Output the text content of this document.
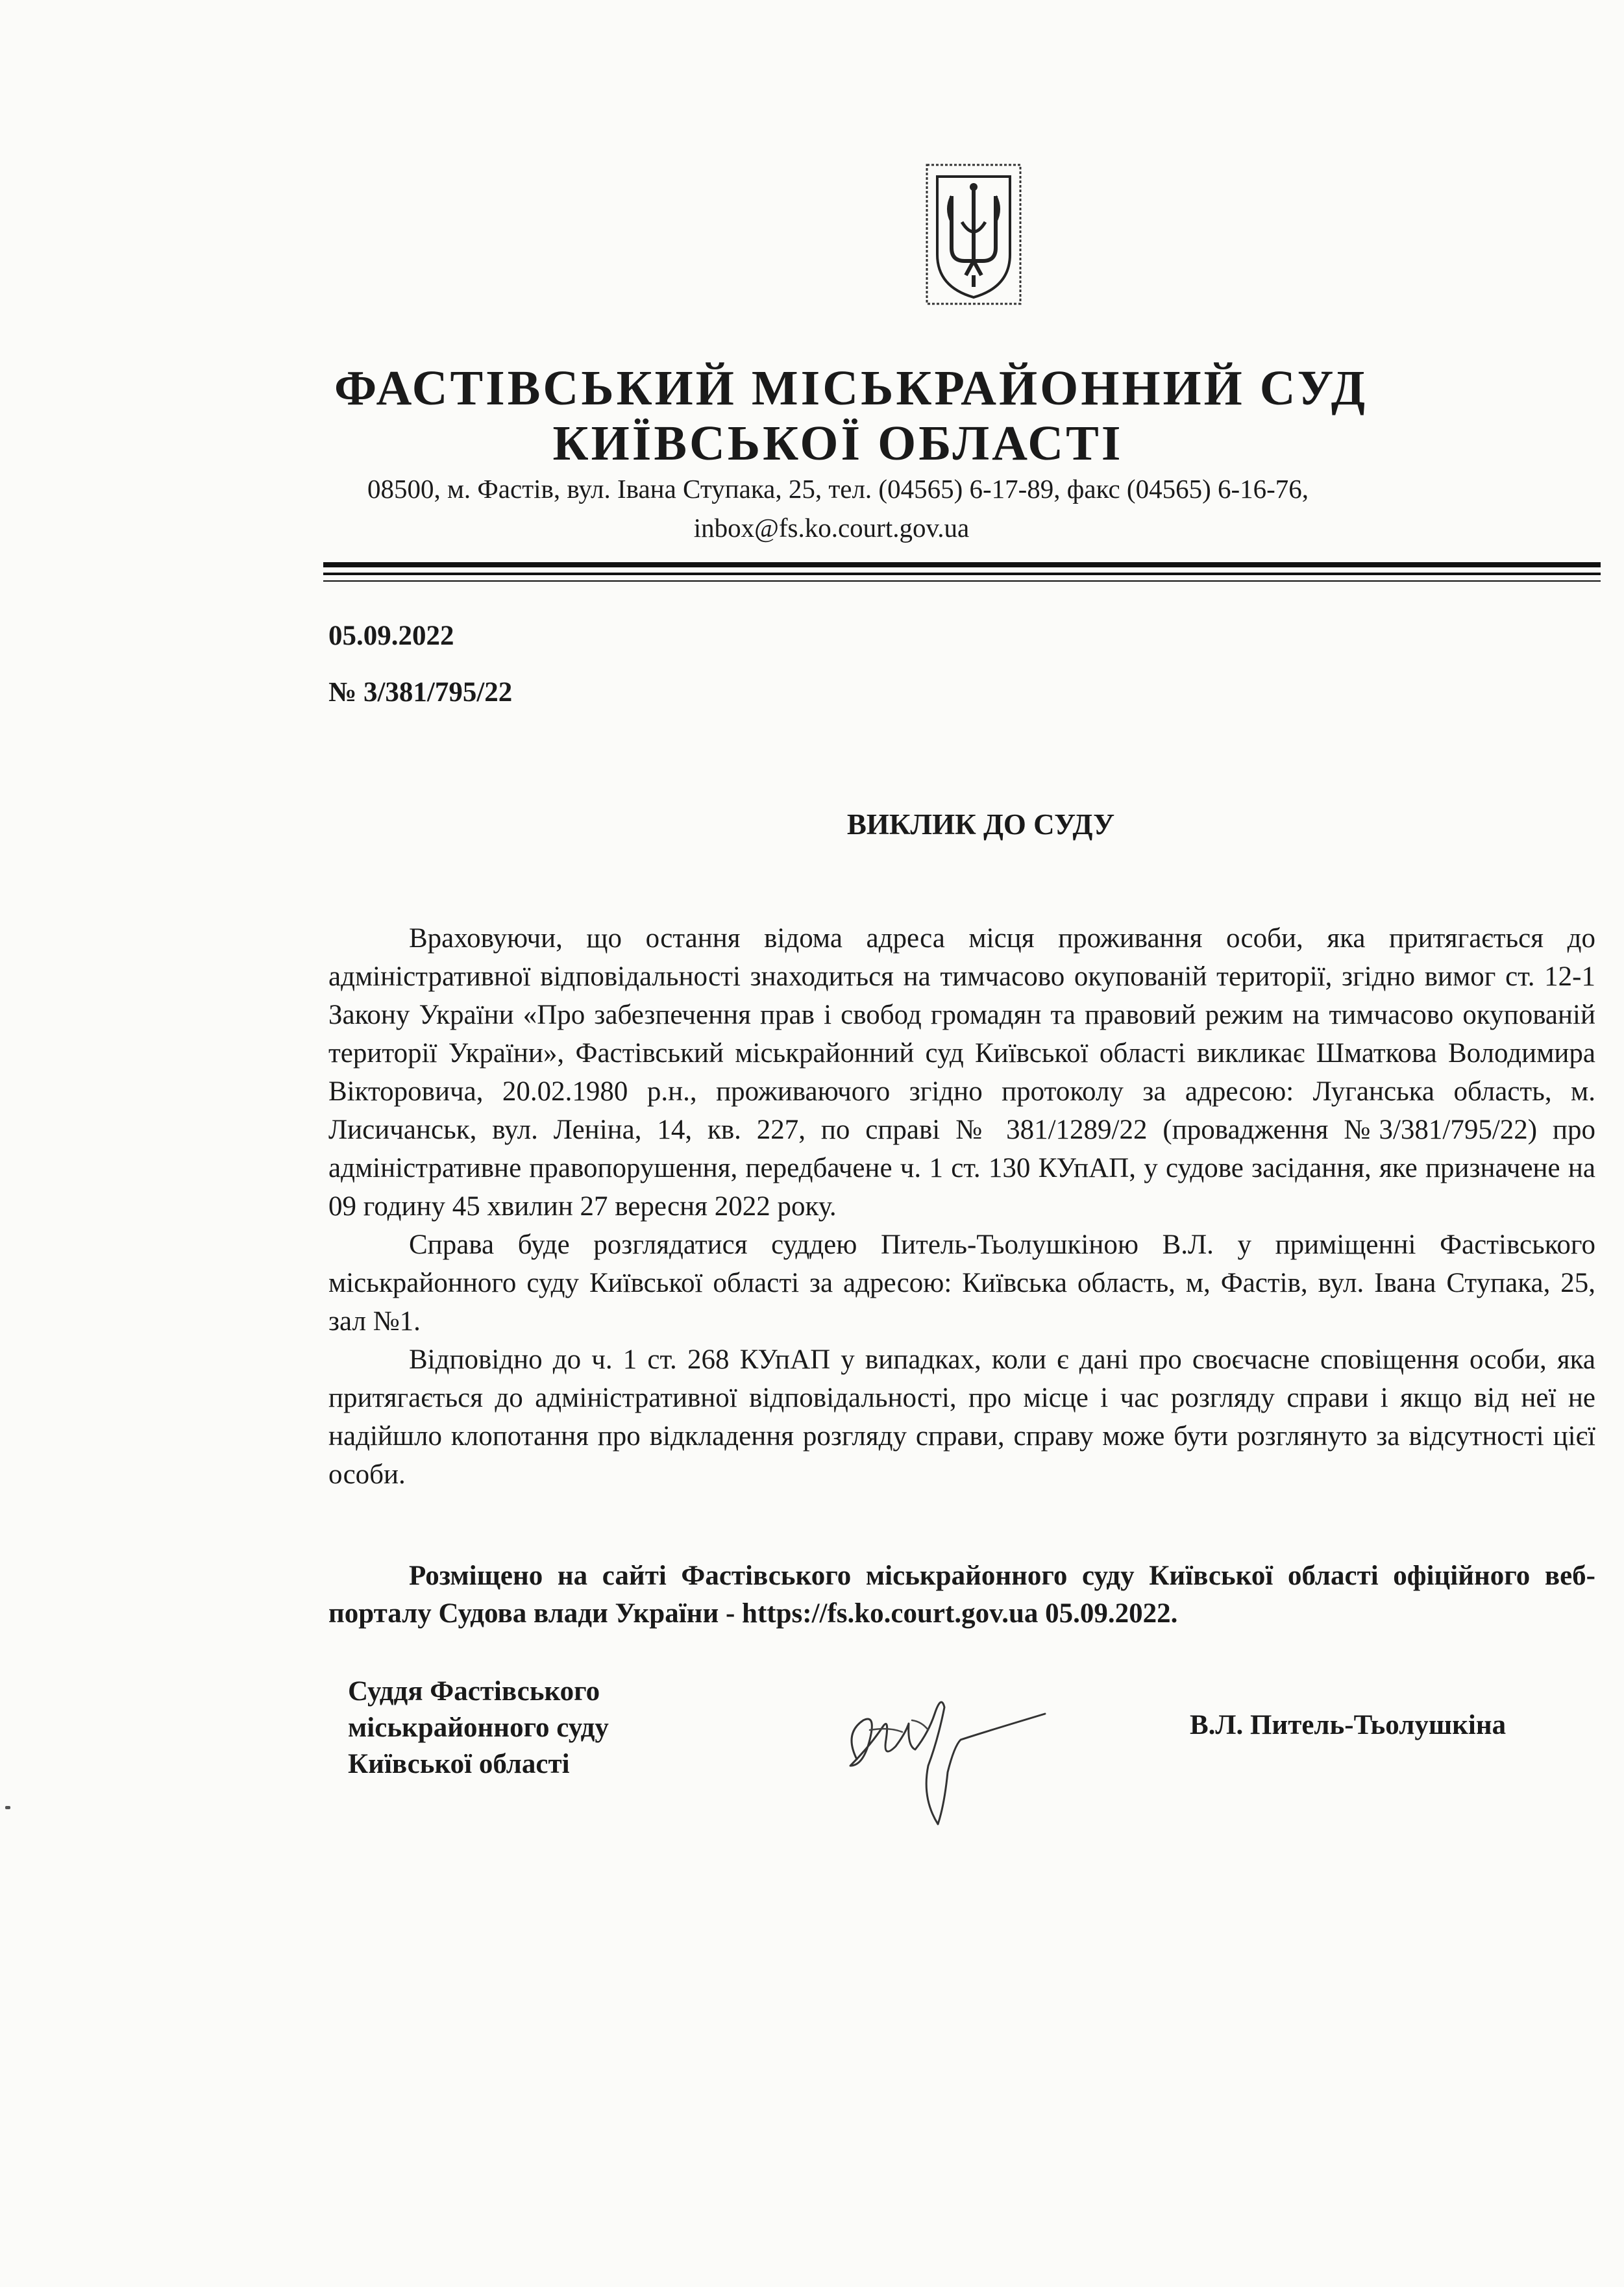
ФАСТІВСЬКИЙ МІСЬКРАЙОННИЙ СУД
КИЇВСЬКОЇ ОБЛАСТІ
08500, м. Фастів, вул. Івана Ступака, 25, тел. (04565) 6-17-89, факс (04565) 6-16-76,
inbox@fs.ko.court.gov.ua
05.09.2022
№ 3/381/795/22
ВИКЛИК ДО СУДУ

Враховуючи, що остання відома адреса місця проживання особи, яка притягається до адміністративної відповідальності знаходиться на тимчасово окупованій території, згідно вимог ст. 12-1 Закону України «Про забезпечення прав і свобод громадян та правовий режим на тимчасово окупованій території України», Фастівський міськрайонний суд Київської області викликає Шматкова Володимира Вікторовича, 20.02.1980 р.н., проживаючого згідно протоколу за адресою: Луганська область, м. Лисичанськ, вул. Леніна, 14, кв. 227, по справі № 381/1289/22 (провадження №3/381/795/22) про адміністративне правопорушення, передбачене ч. 1 ст. 130 КУпАП, у судове засідання, яке призначене на 09 годину 45 хвилин 27 вересня 2022 року.

Справа буде розглядатися суддею Питель-Тьолушкіною В.Л. у приміщенні Фастівського міськрайонного суду Київської області за адресою: Київська область, м, Фастів, вул. Івана Ступака, 25, зал №1.

Відповідно до ч. 1 ст. 268 КУпАП у випадках, коли є дані про своєчасне сповіщення особи, яка притягається до адміністративної відповідальності, про місце і час розгляду справи і якщо від неї не надійшло клопотання про відкладення розгляду справи, справу може бути розглянуто за відсутності цієї особи.

Розміщено на сайті Фастівського міськрайонного суду Київської області офіційного веб-порталу Судова влади України - https://fs.ko.court.gov.ua 05.09.2022.
Суддя Фастівського
міськрайонного суду
Київської області
В.Л. Питель-Тьолушкіна
